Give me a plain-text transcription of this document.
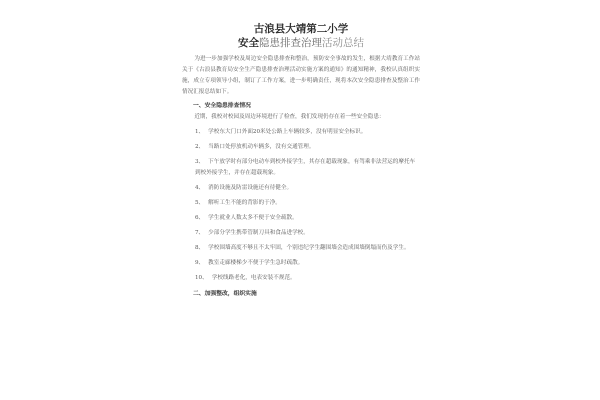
古浪县大靖第二小学

安全隐患排查治理活动总结

为进一步加强学校及周边安全隐患排查和整治，预防安全事故的发生，根据大靖教育工作站关于《古浪县教育局安全生产隐患排查治理活动实施方案的通知》的通知精神，我校认真组织实施，成立专项领导小组，制订了工作方案，进一步明确责任，现将本次安全隐患排查及整治工作情况汇报总结如下。

一、安全隐患排查情况

近期，我校对校园及周边环境进行了检查，我们发现仍存在着一些安全隐患：

1、 学校东大门口外面20米处公路上车辆较多，没有明显安全标识。

2、 当路口处停放机动车辆多，没有交通管理。

3、 下午放学时有部分电动车到校外接学生，其存在超载现象，有驾乘非法营运的摩托车到校外接学生，并存在超载现象。

4、 消防设施及防雷设施还有待健全。

5、 解听工生不能的背影的于净。

6、 学生就业人数太多不便于安全疏散。

7、 少部分学生携带管制刀具和食品进学校。

8、 学校围墙高度不够且不太牢固，个别违纪学生翻围墙会造成围墙倒塌而伤及学生。

9、 教室走廊楼梯少不便于学生急时疏散。

10、 学校线路老化，电表安装不规范。

二、加强整改，组织实施
